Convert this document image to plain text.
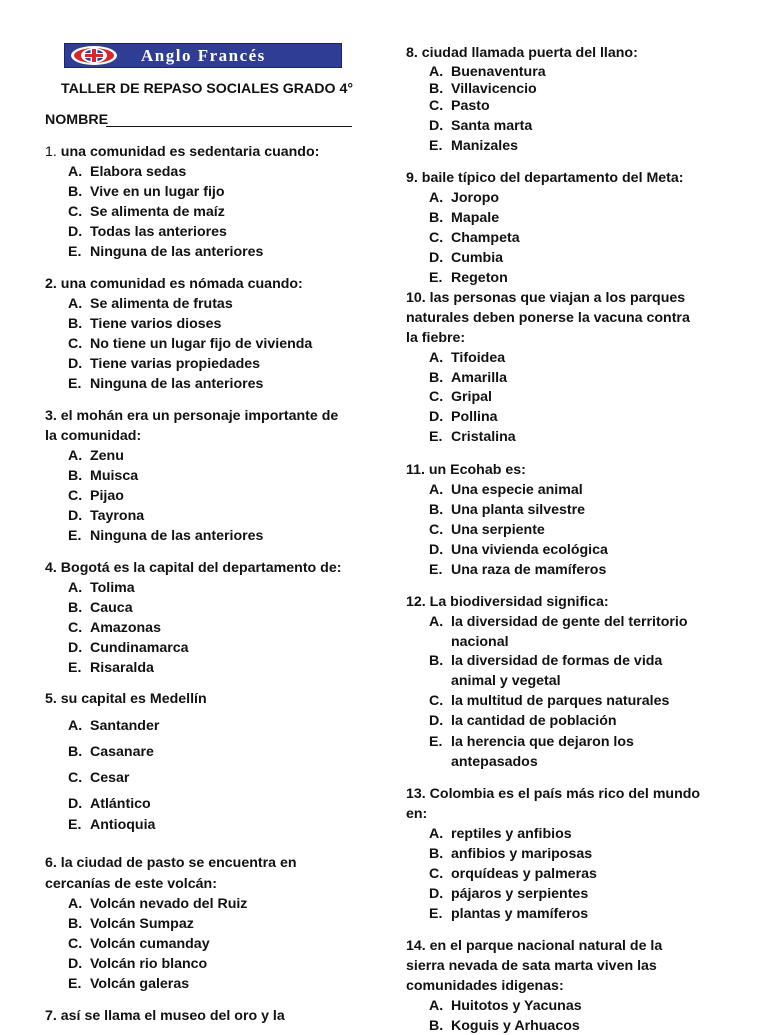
Anglo Francés
TALLER DE REPASO SOCIALES GRADO 4°
NOMBRE
1. una comunidad es sedentaria cuando:
A. Elabora sedas
B. Vive en un lugar fijo
C. Se alimenta de maíz
D. Todas las anteriores
E. Ninguna de las anteriores
2. una comunidad es nómada cuando:
A. Se alimenta de frutas
B. Tiene varios dioses
C. No tiene un lugar fijo de vivienda
D. Tiene varias propiedades
E. Ninguna de las anteriores
3. el mohán era un personaje importante de
la comunidad:
A. Zenu
B. Muisca
C. Pijao
D. Tayrona
E. Ninguna de las anteriores
4. Bogotá es la capital del departamento de:
A. Tolima
B. Cauca
C. Amazonas
D. Cundinamarca
E. Risaralda
5. su capital es Medellín
A. Santander
B. Casanare
C. Cesar
D. Atlántico
E. Antioquia
6. la ciudad de pasto se encuentra en
cercanías de este volcán:
A. Volcán nevado del Ruiz
B. Volcán Sumpaz
C. Volcán cumanday
D. Volcán rio blanco
E. Volcán galeras
7. así se llama el museo del oro y la
8. ciudad llamada puerta del llano:
A. Buenaventura
B. Villavicencio
C. Pasto
D. Santa marta
E. Manizales
9. baile típico del departamento del Meta:
A. Joropo
B. Mapale
C. Champeta
D. Cumbia
E. Regeton
10. las personas que viajan a los parques
naturales deben ponerse la vacuna contra
la fiebre:
A. Tifoidea
B. Amarilla
C. Gripal
D. Pollina
E. Cristalina
11. un Ecohab es:
A. Una especie animal
B. Una planta silvestre
C. Una serpiente
D. Una vivienda ecológica
E. Una raza de mamíferos
12. La biodiversidad significa:
A. la diversidad de gente del territorio
nacional
B. la diversidad de formas de vida
animal y vegetal
C. la multitud de parques naturales
D. la cantidad de población
E. la herencia que dejaron los
antepasados
13. Colombia es el país más rico del mundo
en:
A. reptiles y anfibios
B. anfibios y mariposas
C. orquídeas y palmeras
D. pájaros y serpientes
E. plantas y mamíferos
14. en el parque nacional natural de la
sierra nevada de sata marta viven las
comunidades idigenas:
A. Huitotos y Yacunas
B. Koguis y Arhuacos
